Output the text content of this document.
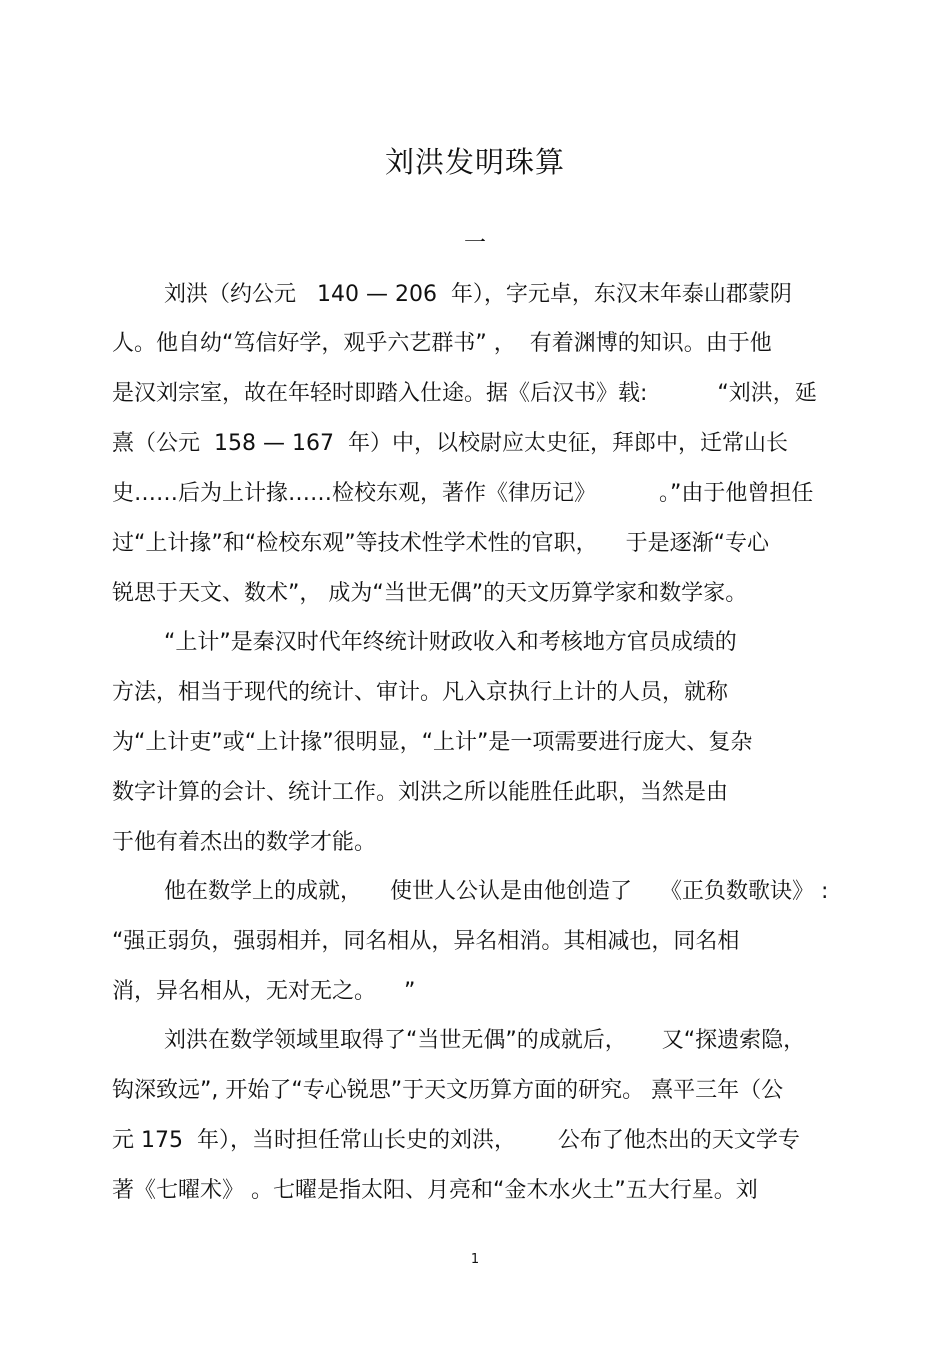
刘洪发明珠算
一
刘洪（约公元   140 — 206  年），字元卓，东汉末年泰山郡蒙阴
人。他自幼“笃信好学，观乎六艺群书” ，  有着渊博的知识。由于他
是汉刘宗室，故在年轻时即踏入仕途。据《后汉书》载:          “刘洪，延
熹（公元  158 — 167  年）中，以校尉应太史征，拜郎中，迁常山长
史……后为上计掾……检校东观，著作《律历记》         。”由于他曾担任
过“上计掾”和“检校东观”等技术性学术性的官职，    于是逐渐“专心
锐思于天文、数术”， 成为“当世无偶”的天文历算学家和数学家。
“上计”是秦汉时代年终统计财政收入和考核地方官员成绩的
方法，相当于现代的统计、审计。凡入京执行上计的人员，就称
为“上计吏”或“上计掾”很明显，“上计”是一项需要进行庞大、复杂
数字计算的会计、统计工作。刘洪之所以能胜任此职，当然是由
于他有着杰出的数学才能。
他在数学上的成就，    使世人公认是由他创造了    《正负数歌诀》 :
“强正弱负，强弱相并，同名相从，异名相消。其相减也，同名相
消，异名相从，无对无之。    ”
刘洪在数学领域里取得了“当世无偶”的成就后，     又“探遗索隐，
钩深致远”, 开始了“专心锐思”于天文历算方面的研究。 熹平三年（公
元 175  年），当时担任常山长史的刘洪，      公布了他杰出的天文学专
著《七曜术》 。七曜是指太阳、月亮和“金木水火土”五大行星。刘
1
